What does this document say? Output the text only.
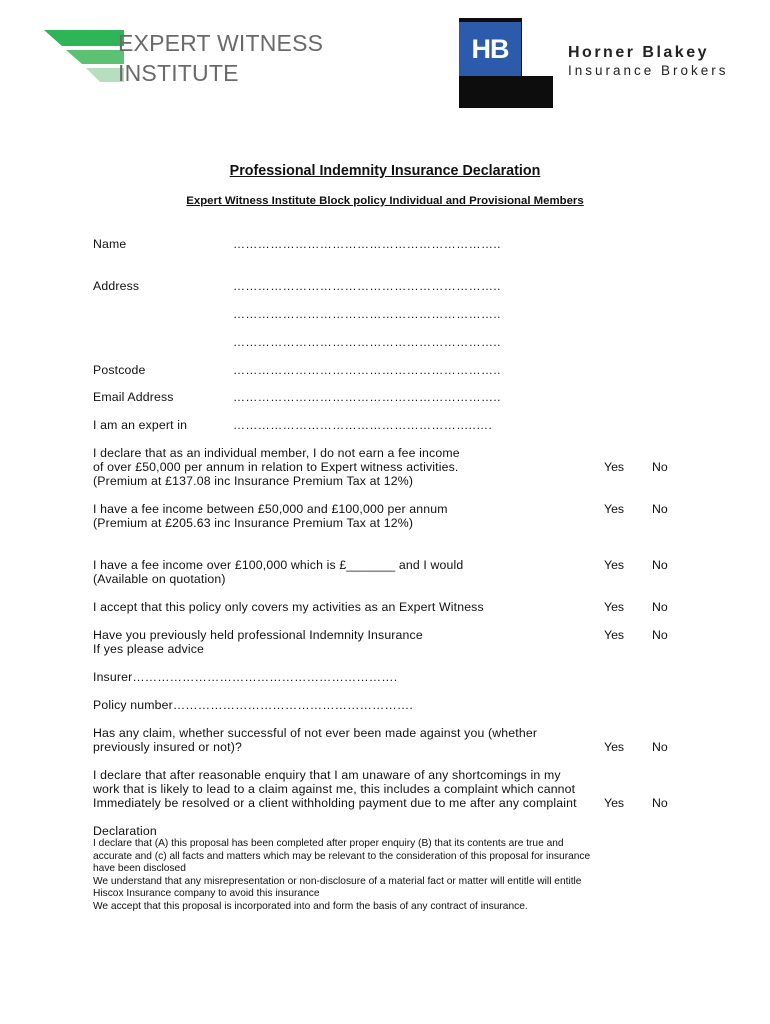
EXPERT WITNESS
INSTITUTE
HB	Horner Blakey
Insurance Brokers
Professional Indemnity Insurance Declaration
Expert Witness Institute Block policy Individual and Provisional Members
Name	………………………………………………………..
Address	………………………………………………………..
………………………………………………………..
………………………………………………………..
Postcode	………………………………………………………..
Email Address	………………………………………………………..
I am an expert in	…………………………………………………..….
I declare that as an individual member, I do not earn a fee income
of over £50,000 per annum in relation to Expert witness activities.
(Premium at £137.08 inc Insurance Premium Tax at 12%)
Yes No
I have a fee income between £50,000 and £100,000 per annum
(Premium at £205.63 inc Insurance Premium Tax at 12%)
Yes No
I have a fee income over £100,000 which is £_______ and I would
(Available on quotation)
Yes No
I accept that this policy only covers my activities as an Expert Witness	Yes No
Have you previously held professional Indemnity Insurance
If yes please advice
Yes No
Insurer……………………………………………………….
Policy number………………………………………………….
Has any claim, whether successful of not ever been made against you (whether
previously insured or not)?	Yes No
I declare that after reasonable enquiry that I am unaware of any shortcomings in my
work that is likely to lead to a claim against me, this includes a complaint which cannot
Immediately be resolved or a client withholding payment due to me after any complaint Yes No
Declaration
I declare that (A) this proposal has been completed after proper enquiry (B) that its contents are true and
accurate and (c) all facts and matters which may be relevant to the consideration of this proposal for insurance
have been disclosed
We understand that any misrepresentation or non-disclosure of a material fact or matter will entitle will entitle
Hiscox Insurance company to avoid this insurance
We accept that this proposal is incorporated into and form the basis of any contract of insurance.
